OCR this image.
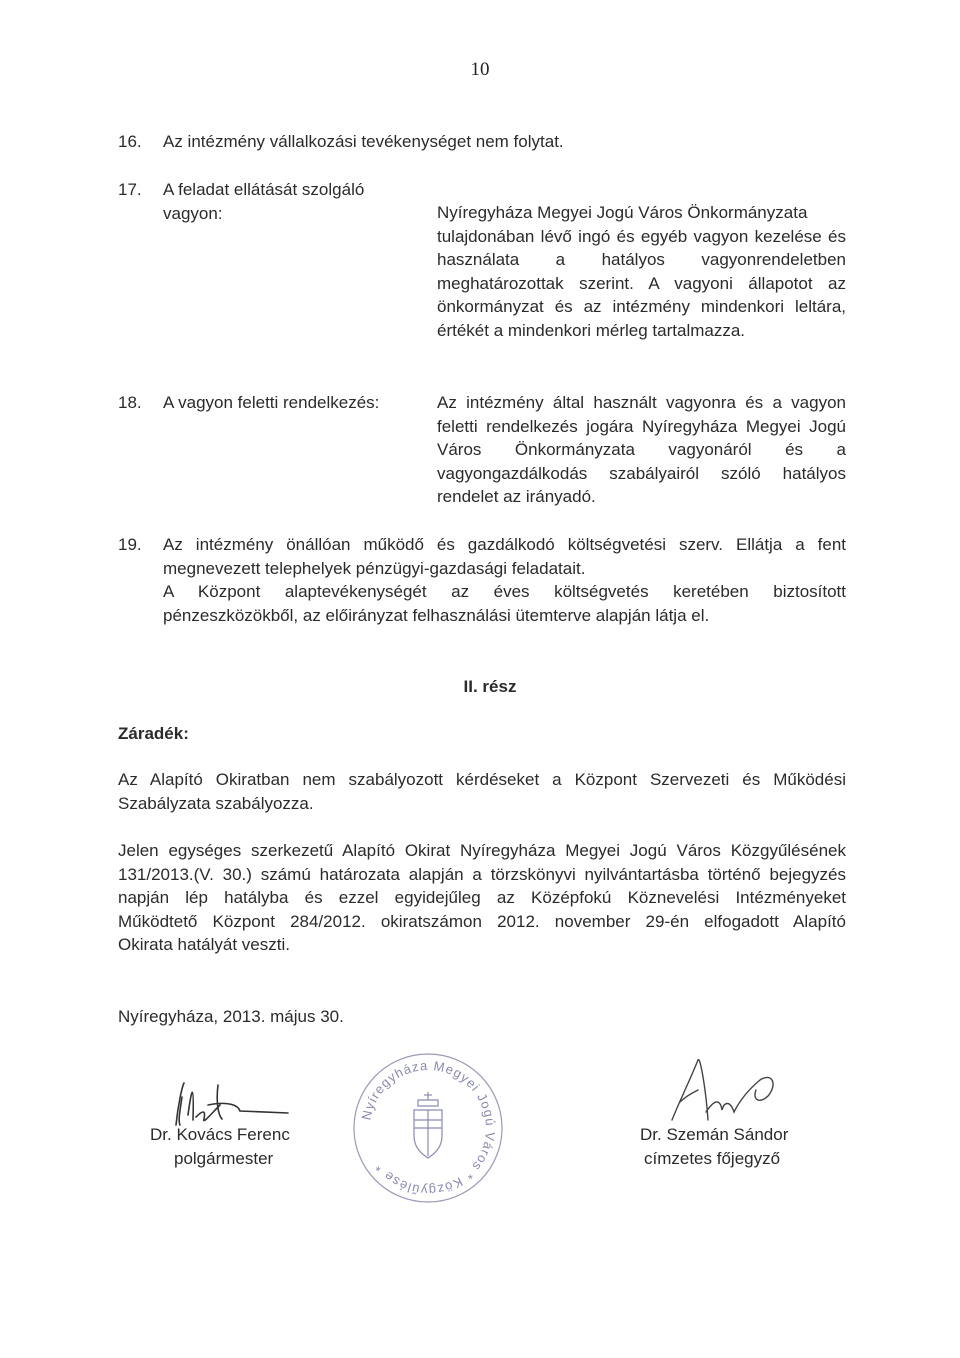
10
16.	Az intézmény vállalkozási tevékenységet nem folytat.
17.	A feladat ellátását szolgáló
vagyon:	Nyíregyháza Megyei Jogú Város Önkormányzata
tulajdonában lévő ingó és egyéb vagyon kezelése és
használata a hatályos vagyonrendeletben
meghatározottak szerint. A vagyoni állapotot az
önkormányzat és az intézmény mindenkori leltára,
értékét a mindenkori mérleg tartalmazza.
18.	A vagyon feletti rendelkezés:	Az intézmény által használt vagyonra és a vagyon
feletti rendelkezés jogára Nyíregyháza Megyei Jogú
Város Önkormányzata vagyonáról és a
vagyongazdálkodás szabályairól szóló hatályos
rendelet az irányadó.
19.	Az intézmény önállóan működő és gazdálkodó költségvetési szerv. Ellátja a fent
megnevezett telephelyek pénzügyi-gazdasági feladatait.
A Központ alaptevékenységét az éves költségvetés keretében biztosított
pénzeszközökből, az előirányzat felhasználási ütemterve alapján látja el.
II. rész
Záradék:
Az Alapító Okiratban nem szabályozott kérdéseket a Központ Szervezeti és Működési
Szabályzata szabályozza.
Jelen egységes szerkezetű Alapító Okirat Nyíregyháza Megyei Jogú Város Közgyűlésének
131/2013.(V. 30.) számú határozata alapján a törzskönyvi nyilvántartásba történő bejegyzés
napján lép hatályba és ezzel egyidejűleg az Középfokú Köznevelési Intézményeket
Működtető Központ 284/2012. okiratszámon 2012. november 29-én elfogadott Alapító
Okirata hatályát veszti.
Nyíregyháza, 2013. május 30.
Dr. Kovács Ferenc
polgármester
Dr. Szemán Sándor
címzetes főjegyző
Nyíregyháza Megyei Jogú Város * Közgyűlése *
